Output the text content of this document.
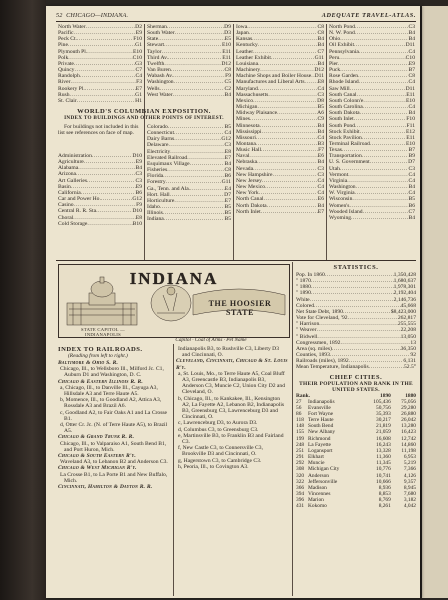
52 CHICAGO—INDIANA.	ADEQUATE TRAVEL-ATLAS.
North Water .....	D2
Pacific .....	E9
Peck Ct. .....	F10
Pine .....	G1
Plymouth Pl. .....	E10
Polk .....	C10
Private .....	G3
Quincy .....	C7
Randolph .....	C4
River .....	F3
Rookery Pl. .....	E7
Rush .....	G1
St. Clair .....	H1
Sherman .....	D9
South Water .....	D3
State .....	E5
Stewart .....	E10
Taylor .....	E11
Third Av. .....	E11
Twelfth .....	D12
Van Buren .....	C8
Wabash Av. .....	F9
Washington .....	C5
Wells .....	C2
West Water .....	B4
Iowa .....	C8
Japan .....	C8
Kansas .....	B4
Kentucky .....	B4
Leather .....	C7
Leather Exhibit .....	G11
Louisiana .....	B4
Machinery .....	D12
Machine Shops and Boiler House ..... D11
Manufactures and Liberal Arts ..... E8
Maryland .....	C4
Massachusetts .....	C3
Mexico .....	D8
Michigan .....	B5
Midway Plaisance .....	A6
Mines .....	C9
Minnesota .....	B4
Mississippi .....	B4
Missouri .....	C4
Montana .....	B3
Music Hall .....	F7
Naval .....	E6
Nebraska .....	B4
Nevada .....	C3
New Hampshire .....	C3
New Jersey .....	C4
New Mexico .....	C4
New York .....	C4
North Canal .....	E6
North Dakota .....	B4
North Inlet .....	E7
North Pond .....	C3
N. W. Pond .....	B4
Ohio .....	B4
Oil Exhibit .....	D11
Pennsylvania .....	C4
Peru .....	C10
Pier .....	E9
Puck .....	B7
Rose Garden .....	C8
Rhode Island .....	C4
Saw Mill .....	D11
South Canal .....	E11
South Colonn'e .....	E10
South Carolina .....	C4
South Dakota .....	B4
South Inlet .....	F10
South Pond .....	F11
Stock Exhibit .....	E12
Stock Pavilion .....	E11
Terminal Railroad .....	E10
Texas .....	B7
Transportation .....	B9
U. S. Government .....	D7
Utah .....	C3
Vermont .....	C4
Virginia .....	C4
Washington .....	B4
W. Virginia .....	C4
Wisconsin .....	B5
Women's .....	B6
Wooded Island .....	C7
Wyoming .....	B4
WORLD'S COLUMBIAN EXPOSITION.
INDEX TO BUILDINGS AND OTHER POINTS OF INTEREST.
For buildings not included in this list see references on face of map.
Administration .....	D10
Agriculture .....	E9
Alabama .....	B4
Arizona .....	C3
Art Galleries .....	C3
Basin .....	E9
California .....	B6
Car and Power Ho. .....	G12
Casino .....	F9
Central R. R. Sta. .....	D10
Choral .....	E8
Cold Storage .....	B10
Colorado .....	B5
Connecticut .....	C4
Dairy Barns .....	G12
Delaware .....	C3
Electricity .....	E8
Elevated Railroad .....	E7
Esquimaux Village .....	B4
Fisheries .....	C8
Florida .....	B6
Forestry .....	G11
Ga., Tenn. and Ala. .....	E4
Hort. Hall .....	D7
Horticulture .....	E7
Idaho .....	B5
Illinois .....	B5
Indiana .....	B5
INDIANA
STATE CAPITOL — INDIANAPOLIS
THE HOOSIER STATE
Capitol · Coat of Arms · Pet Name
INDEX TO RAILROADS.
(Reading from left to right.)

Baltimore & Ohio S. R.

Chicago, Ill., to Wellsboro Ill., Milford Jc. C1, Auburn D1 and Washington, D. C.

Chicago & Eastern Illinois R. R.

a, Chicago, Ill., to Danville Ill., Cayuga A3, Hillsdale A3 and Terre Haute A5.

b, Momence, Ill., to Goodland A2, Attica A3, Rossdale A3 and Brazil A6.

c, Goodland A2, to Fair Oaks A1 and La Crosse B1.

d, Otter Cr. Jc. (N. of Terre Haute A5), to Brazil A5.

Chicago & Grand Trunk R. R.

Chicago, Ill., to Valparaiso A1, South Bend B1, and Port Huron, Mich.

Chicago & South Eastern R'y.

Waveland A3, to Lebanon B2 and Anderson C3.

Chicago & West Michigan R'y.

La Crosse B1, to La Porte B1 and New Buffalo, Mich.

Cincinnati, Hamilton & Dayton R. R.

Indianapolis B3, to Rushville C3, Liberty D3 and Cincinnati, O.

Cleveland, Cincinnati, Chicago & St. Louis R'y.

a, St. Louis, Mo., to Terre Haute A5, Coal Bluff A3, Greencastle B3, Indianapolis B3, Anderson C3, Muncie C2, Union City D2 and Cleveland, O.

b, Chicago, Ill., to Kankakee, Ill., Kensington A2, La Fayette A2, Lebanon B2, Indianapolis B3, Greensburg C3, Lawrenceburg D3 and Cincinnati, O.

c, Lawrenceburg D3, to Aurora D3.

d, Columbus C3, to Greensburg C3.

e, Martinsville B3, to Franklin B3 and Fairland C3.

f, New Castle C3, to Connersville C3, Brookville D3 and Cincinnati, O.

g, Hagerstown C3, to Cambridge C3.

h, Peoria, Ill., to Covington A3.

STATISTICS.
Pop. In 1860 .....	1,350,428
" 1870 .....	1,680,637
" 1880 .....	1,978,301
" 1890 .....	2,192,404
White .....	2,146,736
Colored .....	45,668
Net State Debt, 1890 .....	$8,423,000
Vote for Cleveland, '92 .....	262,817
" Harrison .....	255,555
" Weaver .....	22,208
" Bidwell .....	13,050
Congressmen, 1892 .....	13
Area (sq. miles) .....	36,350
Counties, 1893 .....	92
Railroads (miles), 1892 .....	6,131
Mean Temperature, Indianapolis .....	52.5°
CHIEF CITIES.
THEIR POPULATION AND RANK IN THE UNITED STATES.
Rank.		1890	1880
27	Indianapolis	105,436	75,056
56	Evansville	50,756	29,280
86	Fort Wayne	35,393	26,880
118	Terre Haute	30,217	26,042
148	South Bend	21,819	13,280
155	New Albany	21,059	16,423
199	Richmond	16,608	12,742
248	La Fayette	16,243	14,860
251	Logansport	13,328	11,198
291	Elkhart	11,360	6,953
292	Muncie	11,345	5,219
308	Michigan City	10,776	7,366
320	Anderson	10,741	4,126
322	Jeffersonville	10,666	9,357
366	Madison	8,936	8,945
394	Vincennes	8,853	7,680
396	Marion	8,769	3,182
431	Kokomo	8,261	4,042
